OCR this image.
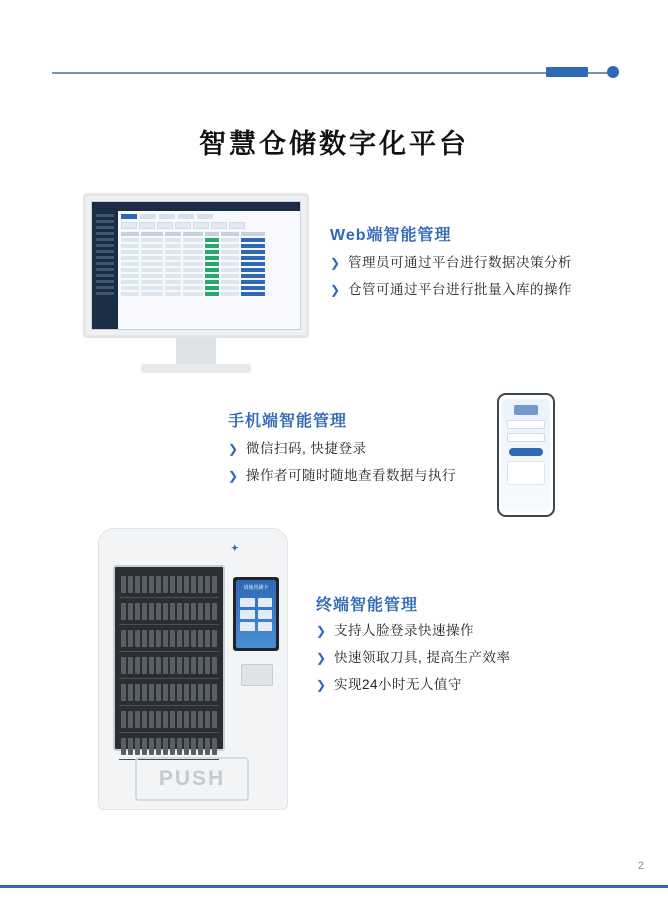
智慧仓储数字化平台
Web端智能管理
❯ 管理员可通过平台进行数据决策分析
❯ 仓管可通过平台进行批量入库的操作
手机端智能管理
❯ 微信扫码, 快捷登录
❯ 操作者可随时随地查看数据与执行
✦
请使用刷卡
PUSH
终端智能管理
❯ 支持人脸登录快速操作
❯ 快速领取刀具, 提高生产效率
❯ 实现24小时无人值守
2
